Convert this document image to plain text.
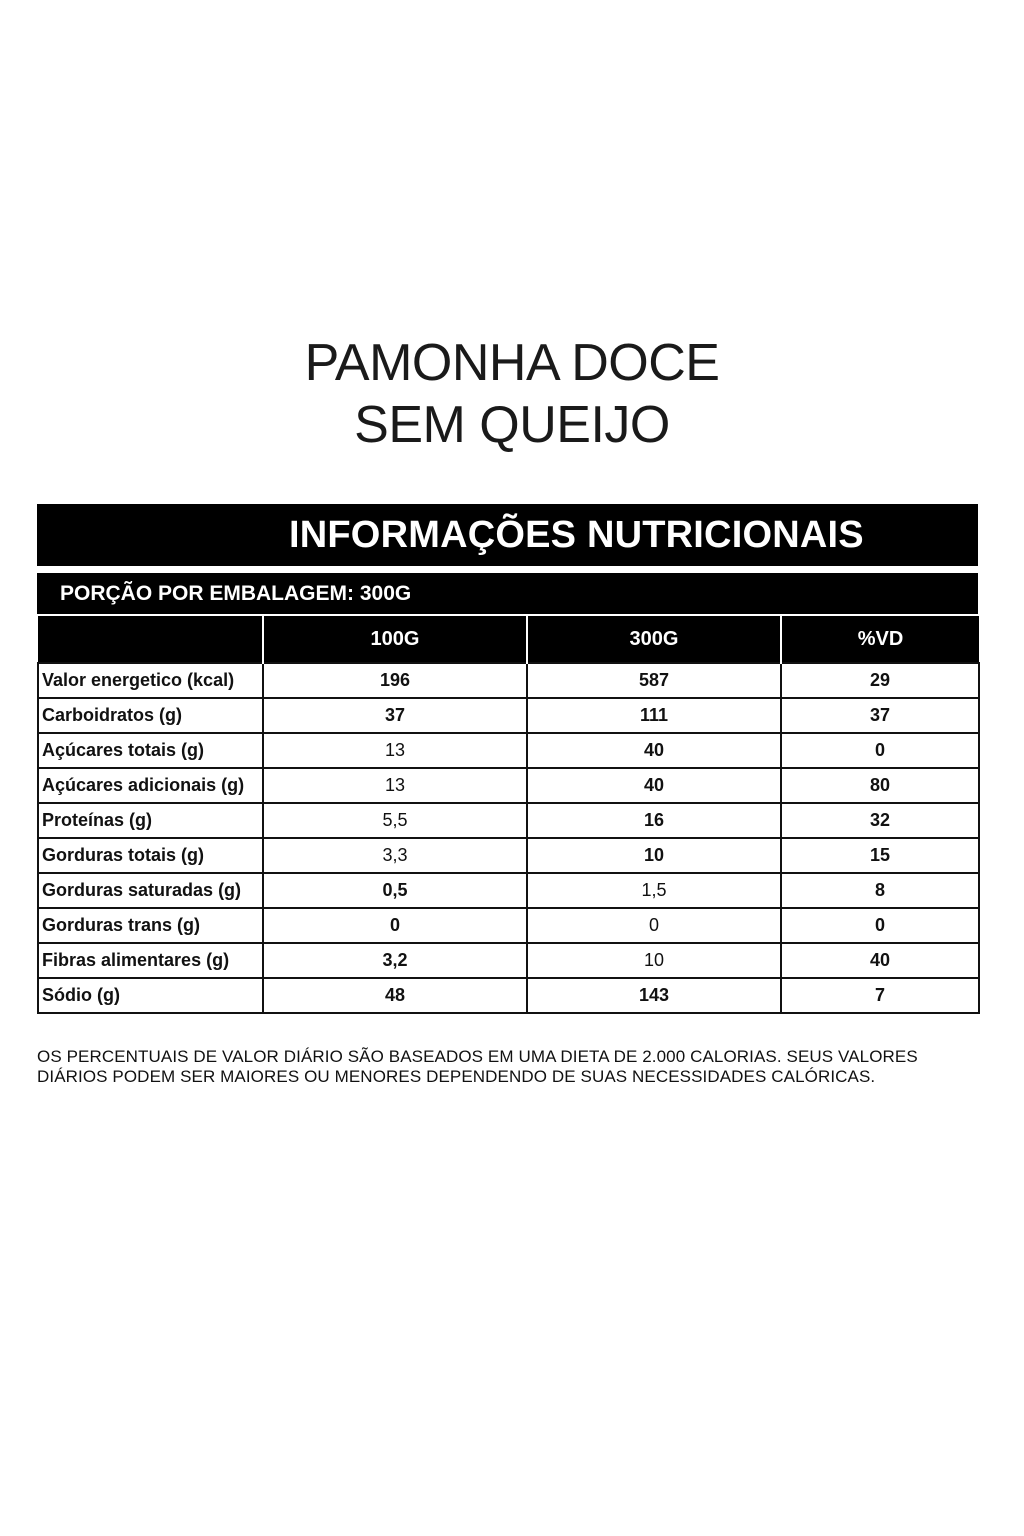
PAMONHA DOCE
SEM QUEIJO
INFORMAÇÕES NUTRICIONAIS
PORÇÃO POR EMBALAGEM: 300G
	100G	300G	%VD
Valor energetico (kcal)	196	587	29
Carboidratos (g)	37	111	37
Açúcares totais (g)	13	40	0
Açúcares adicionais (g)	13	40	80
Proteínas (g)	5,5	16	32
Gorduras totais (g)	3,3	10	15
Gorduras saturadas (g)	0,5	1,5	8
Gorduras trans (g)	0	0	0
Fibras alimentares (g)	3,2	10	40
Sódio (g)	48	143	7
OS PERCENTUAIS DE VALOR DIÁRIO SÃO BASEADOS EM UMA DIETA DE 2.000 CALORIAS. SEUS VALORES DIÁRIOS PODEM SER MAIORES OU MENORES DEPENDENDO DE SUAS NECESSIDADES CALÓRICAS.
